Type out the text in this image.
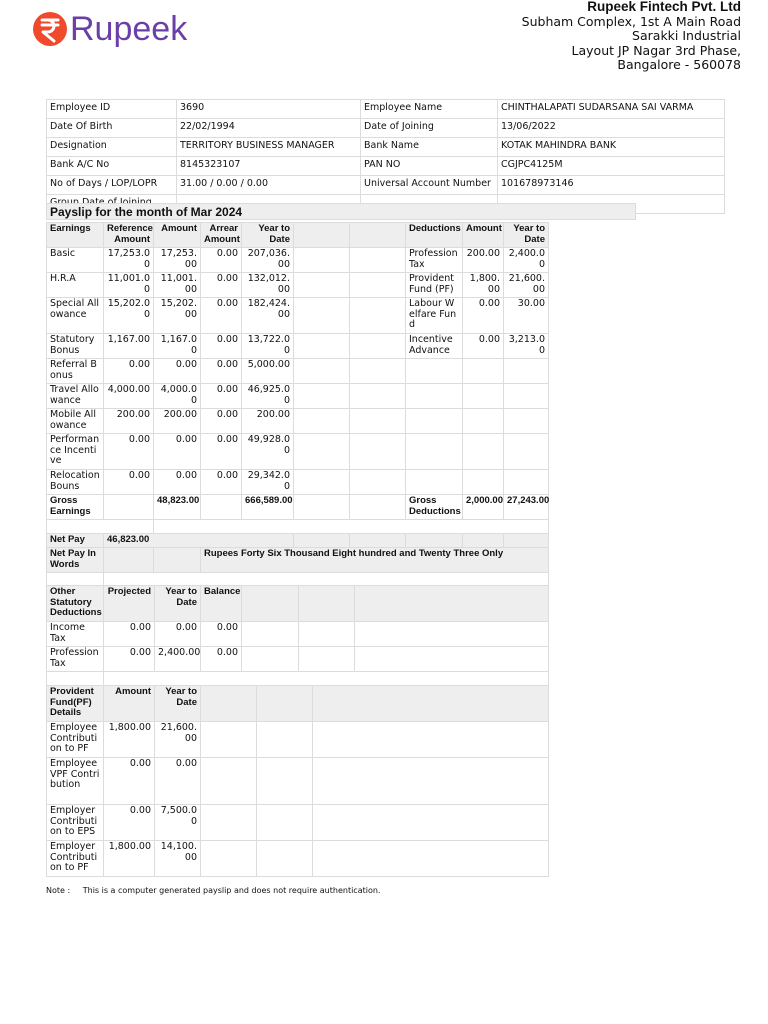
Rupeek
Rupeek Fintech Pvt. Ltd
Subham Complex, 1st A Main Road
Sarakki Industrial
Layout JP Nagar 3rd Phase,
Bangalore - 560078
Employee ID	3690	Employee Name	CHINTHALAPATI SUDARSANA SAI VARMA
Date Of Birth	22/02/1994	Date of Joining	13/06/2022
Designation	TERRITORY BUSINESS MANAGER	Bank Name	KOTAK MAHINDRA BANK
Bank A/C No	8145323107	PAN NO	CGJPC4125M
No of Days / LOP/LOPR	31.00 / 0.00 / 0.00	Universal Account Number	101678973146

Payslip for the month of Mar 2024
Earnings	Reference Amount	Amount	Arrear Amount	Year to Date			Deductions	Amount	Year to Date
Basic	17,253.00	17,253.00	0.00	207,036.00			Profession Tax	200.00	2,400.00
H.R.A	11,001.00	11,001.00	0.00	132,012.00			Provident Fund (PF)	1,800.00	21,600.00
Special Allowance	15,202.00	15,202.00	0.00	182,424.00			Labour Welfare Fund	0.00	30.00
Statutory Bonus	1,167.00	1,167.00	0.00	13,722.00			Incentive Advance	0.00	3,213.00
Referral Bonus	0.00	0.00	0.00	5,000.00					
Travel Allowance	4,000.00	4,000.00	0.00	46,925.00					
Mobile Allowance	200.00	200.00	0.00	200.00					
Performance Incentive	0.00	0.00	0.00	49,928.00					
Relocation Bouns	0.00	0.00	0.00	29,342.00					
Gross Earnings		48,823.00		666,589.00			Gross Deductions	2,000.00	27,243.00

Net Pay	46,823.00								
Net Pay In Words			Rupees Forty Six Thousand Eight hundred and Twenty Three Only						

Other Statutory Deductions	Projected	Year to Date	Balance			
Income Tax	0.00	0.00	0.00			
Profession Tax	0.00	2,400.00	0.00			

Provident Fund(PF) Details	Amount	Year to Date			
Employee Contribution to PF	1,800.00	21,600.00			
Employee VPF Contribution	0.00	0.00			
Employer Contribution to EPS	0.00	7,500.00			
Employer Contribution to PF	1,800.00	14,100.00			
Note : This is a computer generated payslip and does not require authentication.
